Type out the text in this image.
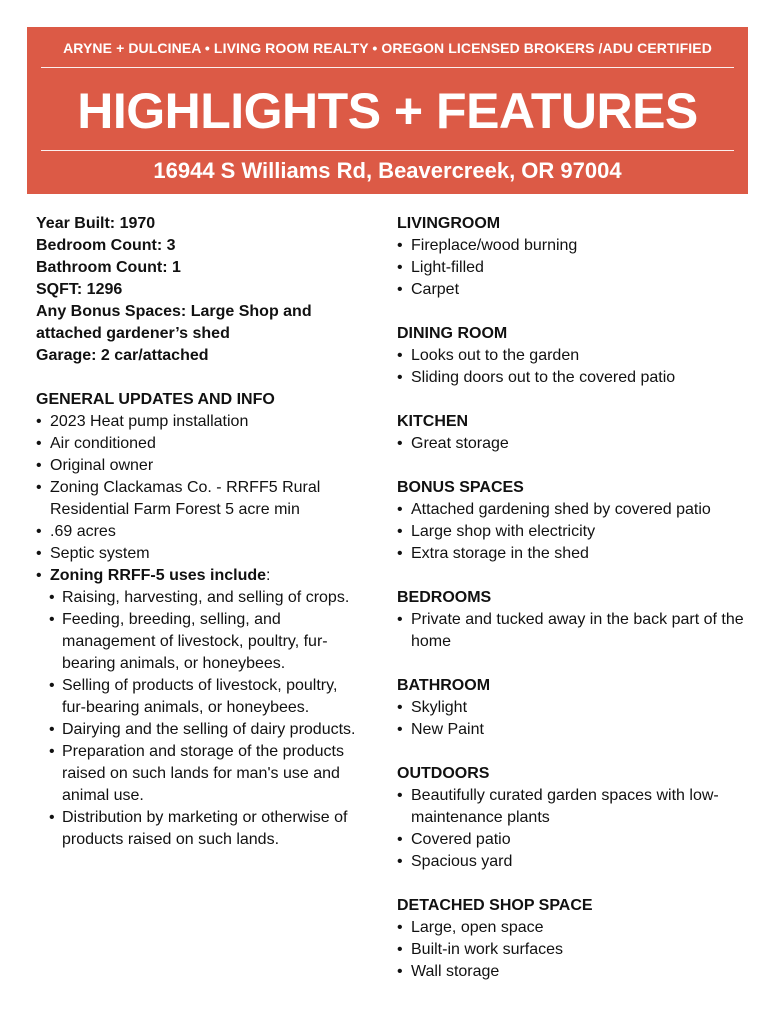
ARYNE + DULCINEA • LIVING ROOM REALTY • OREGON LICENSED BROKERS /ADU CERTIFIED
HIGHLIGHTS + FEATURES
16944 S Williams Rd, Beavercreek, OR 97004
Year Built: 1970
Bedroom Count: 3
Bathroom Count: 1
SQFT: 1296
Any Bonus Spaces: Large Shop and attached gardener’s shed
Garage: 2 car/attached
GENERAL UPDATES AND INFO
• 2023 Heat pump installation
• Air conditioned
• Original owner
• Zoning Clackamas Co. - RRFF5 Rural Residential Farm Forest 5 acre min
• .69 acres
• Septic system
• Zoning RRFF-5 uses include:
• Raising, harvesting, and selling of crops.
• Feeding, breeding, selling, and management of livestock, poultry, fur-bearing animals, or honeybees.
• Selling of products of livestock, poultry, fur-bearing animals, or honeybees.
• Dairying and the selling of dairy products.
• Preparation and storage of the products raised on such lands for man's use and animal use.
• Distribution by marketing or otherwise of products raised on such lands.
LIVINGROOM
• Fireplace/wood burning
• Light-filled
• Carpet
DINING ROOM
• Looks out to the garden
• Sliding doors out to the covered patio
KITCHEN
• Great storage
BONUS SPACES
• Attached gardening shed by covered patio
• Large shop with electricity
• Extra storage in the shed
BEDROOMS
• Private and tucked away in the back part of the home
BATHROOM
• Skylight
• New Paint
OUTDOORS
• Beautifully curated garden spaces with low-maintenance plants
• Covered patio
• Spacious yard
DETACHED SHOP SPACE
• Large, open space
• Built-in work surfaces
• Wall storage
